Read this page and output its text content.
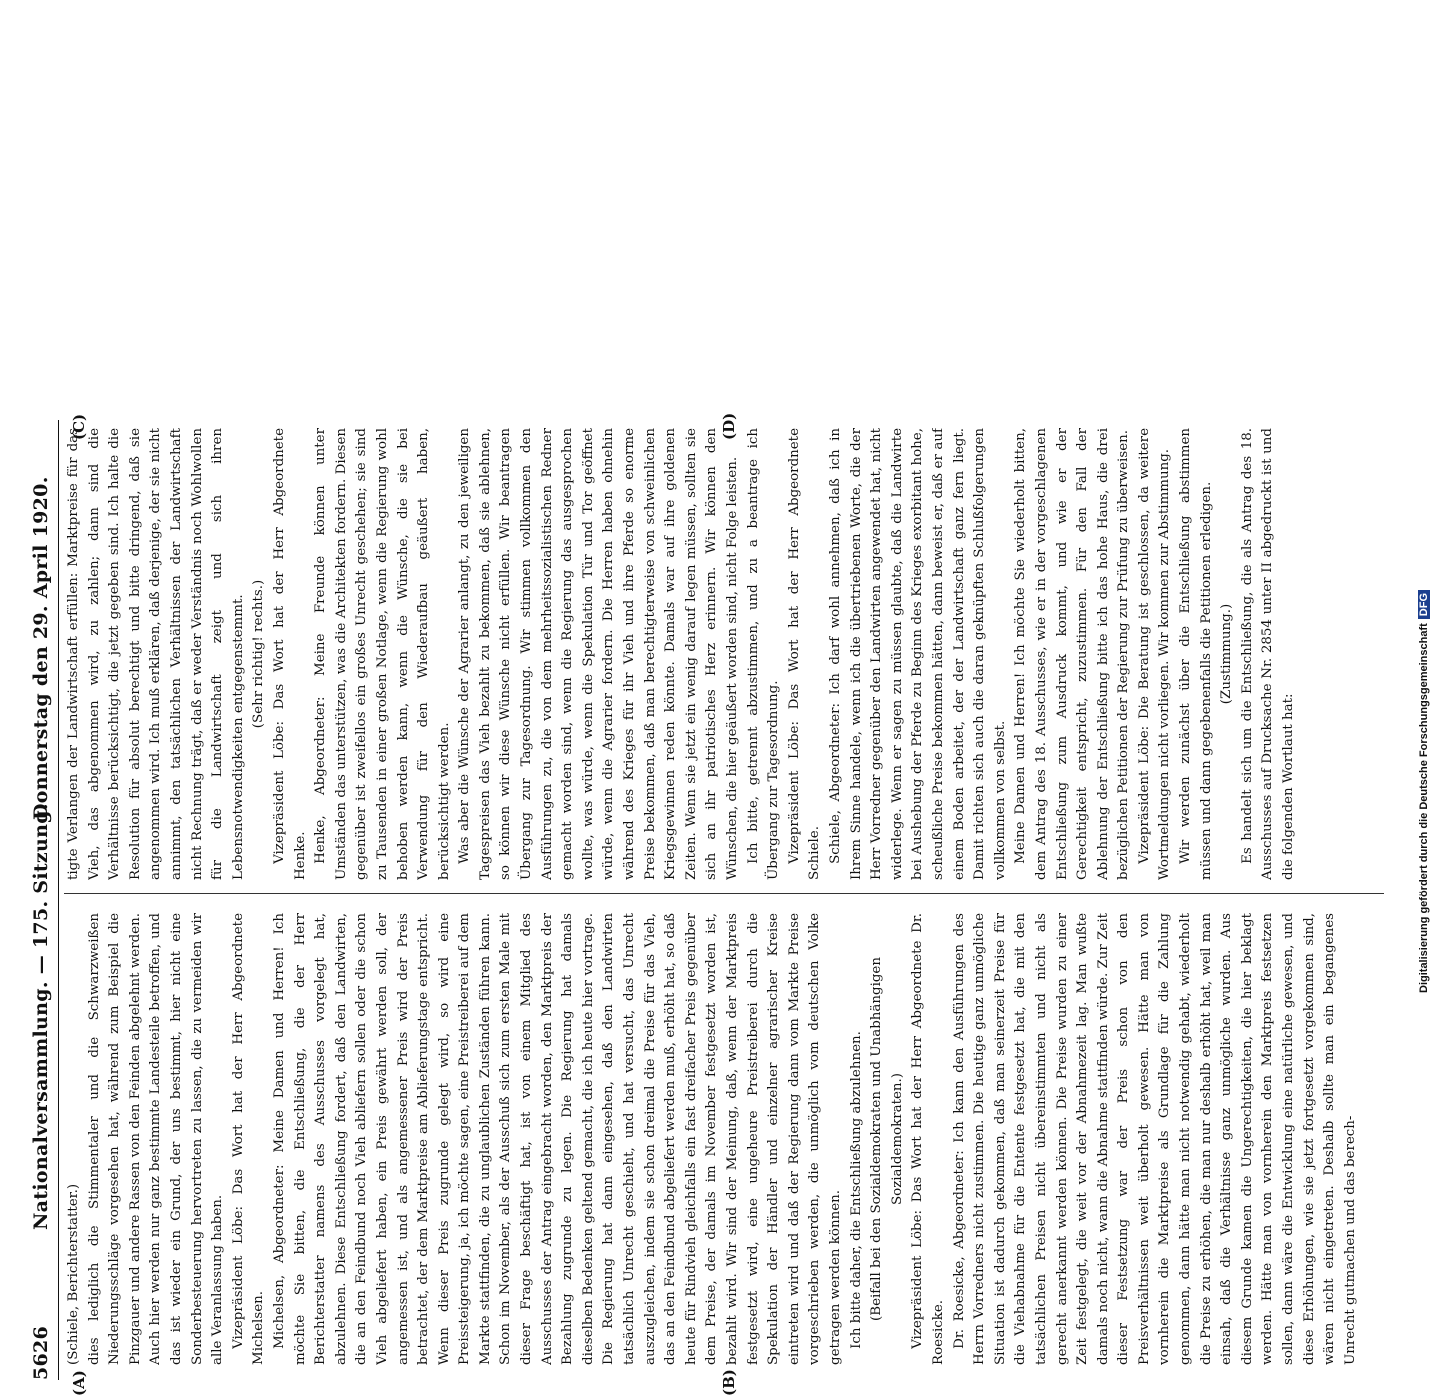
5626
Nationalversammlung. — 175. Sitzung.
Donnerstag den 29. April 1920.
(A)	(B)
(C)	(D)

(Schiele, Berichterstatter.) dies lediglich die Stimmentaler und die Schwarzweißen Niederungsschläge vorgesehen hat, während zum Beispiel die Pinzgauer und andere Rassen von den Feinden abgelehnt werden. Auch hier werden nur ganz bestimmte Landesteile betroffen, und das ist wieder ein Grund, der uns bestimmt, hier nicht eine Sonderbesteuerung hervortreten zu lassen, die zu vermeiden wir alle Veranlassung haben. Vizepräsident Löbe: Das Wort hat der Herr Abgeordnete Michelsen. Michelsen, Abgeordneter: Meine Damen und Herren! Ich möchte Sie bitten, die Entschließung, die der Herr Berichterstatter namens des Ausschusses vorgelegt hat, abzulehnen. Diese Entschließung fordert, daß den Landwirten, die an den Feindbund noch Vieh abliefern sollen oder die schon Vieh abgeliefert haben, ein Preis gewährt werden soll, der angemessen ist, und als angemessener Preis wird der Preis betrachtet, der dem Marktpreise am Ablieferungstage entspricht. Wenn dieser Preis zugrunde gelegt wird, so wird eine Preissteigerung, ja, ich möchte sagen, eine Preistreiberei auf dem Markte stattfinden, die zu unglaublichen Zuständen führen kann. Schon im November, als der Ausschuß sich zum ersten Male mit dieser Frage beschäftigt hat, ist von einem Mitglied des Ausschusses der Antrag eingebracht worden, den Marktpreis der Bezahlung zugrunde zu legen. Die Regierung hat damals dieselben Bedenken geltend gemacht, die ich heute hier vortrage. Die Regierung hat dann eingesehen, daß den Landwirten tatsächlich Unrecht geschieht, und hat versucht, das Unrecht auszugleichen, indem sie schon dreimal die Preise für das Vieh, das an den Feindbund abgeliefert werden muß, erhöht hat, so daß heute für Rindvieh gleichfalls ein fast dreifacher Preis gegenüber dem Preise, der damals im November festgesetzt worden ist, bezahlt wird. Wir sind der Meinung, daß, wenn der Marktpreis festgesetzt wird, eine ungeheure Preistreiberei durch die Spekulation der Händler und einzelner agrarischer Kreise eintreten wird und daß der Regierung dann vom Markte Preise vorgeschrieben werden, die unmöglich vom deutschen Volke getragen werden können. Ich bitte daher, die Entschließung abzulehnen. (Beifall bei den Sozialdemokraten und Unabhängigen Sozialdemokraten.) Vizepräsident Löbe: Das Wort hat der Herr Abgeordnete Dr. Roesicke. Dr. Roesicke, Abgeordneter: Ich kann den Ausführungen des Herrn Vorredners nicht zustimmen. Die heutige ganz unmögliche Situation ist dadurch gekommen, daß man seinerzeit Preise für die Viehabnahme für die Entente festgesetzt hat, die mit den tatsächlichen Preisen nicht übereinstimmten und nicht als gerecht anerkannt werden können. Die Preise wurden zu einer Zeit festgelegt, die weit vor der Abnahmezeit lag. Man wußte damals noch nicht, wann die Abnahme stattfinden würde. Zur Zeit dieser Festsetzung war der Preis schon von den Preisverhältnissen weit überholt gewesen. Hätte man von vornherein die Marktpreise als Grundlage für die Zahlung genommen, dann hätte man nicht notwendig gehabt, wiederholt die Preise zu erhöhen, die man nur deshalb erhöht hat, weil man einsah, daß die Verhältnisse ganz unmögliche wurden. Aus diesem Grunde kamen die Ungerechtigkeiten, die hier beklagt werden. Hätte man von vornherein den Marktpreis festsetzen sollen, dann wäre die Entwicklung eine natürliche gewesen, und diese Erhöhungen, wie sie jetzt fortgesetzt vorgekommen sind, wären nicht eingetreten. Deshalb sollte man ein begangenes Unrecht gutmachen und das berech-

tigte Verlangen der Landwirtschaft erfüllen: Marktpreise für das Vieh, das abgenommen wird, zu zahlen; dann sind die Verhältnisse berücksichtigt, die jetzt gegeben sind. Ich halte die Resolution für absolut berechtigt und bitte dringend, daß sie angenommen wird. Ich muß erklären, daß derjenige, der sie nicht annimmt, den tatsächlichen Verhältnissen der Landwirtschaft nicht Rechnung trägt, daß er weder Verständnis noch Wohlwollen für die Landwirtschaft zeigt und sich ihren Lebensnotwendigkeiten entgegenstemmt. (Sehr richtig! rechts.) Vizepräsident Löbe: Das Wort hat der Herr Abgeordnete Henke. Henke, Abgeordneter: Meine Freunde können unter Umständen das unterstützen, was die Architekten fordern. Diesen gegenüber ist zweifellos ein großes Unrecht geschehen; sie sind zu Tausenden in einer großen Notlage, wenn die Regierung wohl behoben werden kann, wenn die Wünsche, die sie bei Verwendung für den Wiederaufbau geäußert haben, berücksichtigt werden. Was aber die Wünsche der Agrarier anlangt, zu den jeweiligen Tagespreisen das Vieh bezahlt zu bekommen, daß sie ablehnen, so können wir diese Wünsche nicht erfüllen. Wir beantragen Übergang zur Tagesordnung. Wir stimmen vollkommen den Ausführungen zu, die von dem mehrheitssozialistischen Redner gemacht worden sind, wenn die Regierung das ausgesprochen wollte, was würde, wenn die Spekulation Tür und Tor geöffnet würde, wenn die Agrarier fordern. Die Herren haben ohnehin während des Krieges für ihr Vieh und ihre Pferde so enorme Preise bekommen, daß man berechtigterweise von schweinlichen Kriegsgewinnen reden könnte. Damals war auf ihre goldenen Zeiten. Wenn sie jetzt ein wenig darauf legen müssen, sollten sie sich an ihr patriotisches Herz erinnern. Wir können den Wünschen, die hier geäußert worden sind, nicht Folge leisten. Ich bitte, getrennt abzustimmen, und zu a beantrage ich Übergang zur Tagesordnung. Vizepräsident Löbe: Das Wort hat der Herr Abgeordnete Schiele. Schiele, Abgeordneter: Ich darf wohl annehmen, daß ich in Ihrem Sinne handele, wenn ich die übertriebenen Worte, die der Herr Vorredner gegenüber den Landwirten angewendet hat, nicht widerlege. Wenn er sagen zu müssen glaubte, daß die Landwirte bei Aushebung der Pferde zu Beginn des Krieges exorbitant hohe, scheußliche Preise bekommen hätten, dann beweist er, daß er auf einem Boden arbeitet, der der Landwirtschaft ganz fern liegt. Damit richten sich auch die daran geknüpften Schlußfolgerungen vollkommen von selbst. Meine Damen und Herren! Ich möchte Sie wiederholt bitten, dem Antrag des 18. Ausschusses, wie er in der vorgeschlagenen Entschließung zum Ausdruck kommt, und wie er der Gerechtigkeit entspricht, zuzustimmen. Für den Fall der Ablehnung der Entschließung bitte ich das hohe Haus, die drei bezüglichen Petitionen der Regierung zur Prüfung zu überweisen. Vizepräsident Löbe: Die Beratung ist geschlossen, da weitere Wortmeldungen nicht vorliegen. Wir kommen zur Abstimmung. Wir werden zunächst über die Entschließung abstimmen müssen und dann gegebenenfalls die Petitionen erledigen. (Zustimmung.) Es handelt sich um die Entschließung, die als Antrag des 18. Ausschusses auf Drucksache Nr. 2854 unter II abgedruckt ist und die folgenden Wortlaut hat:	Digitalisierung gefördert durch die Deutsche ForschungsgemeinschaftDFG
